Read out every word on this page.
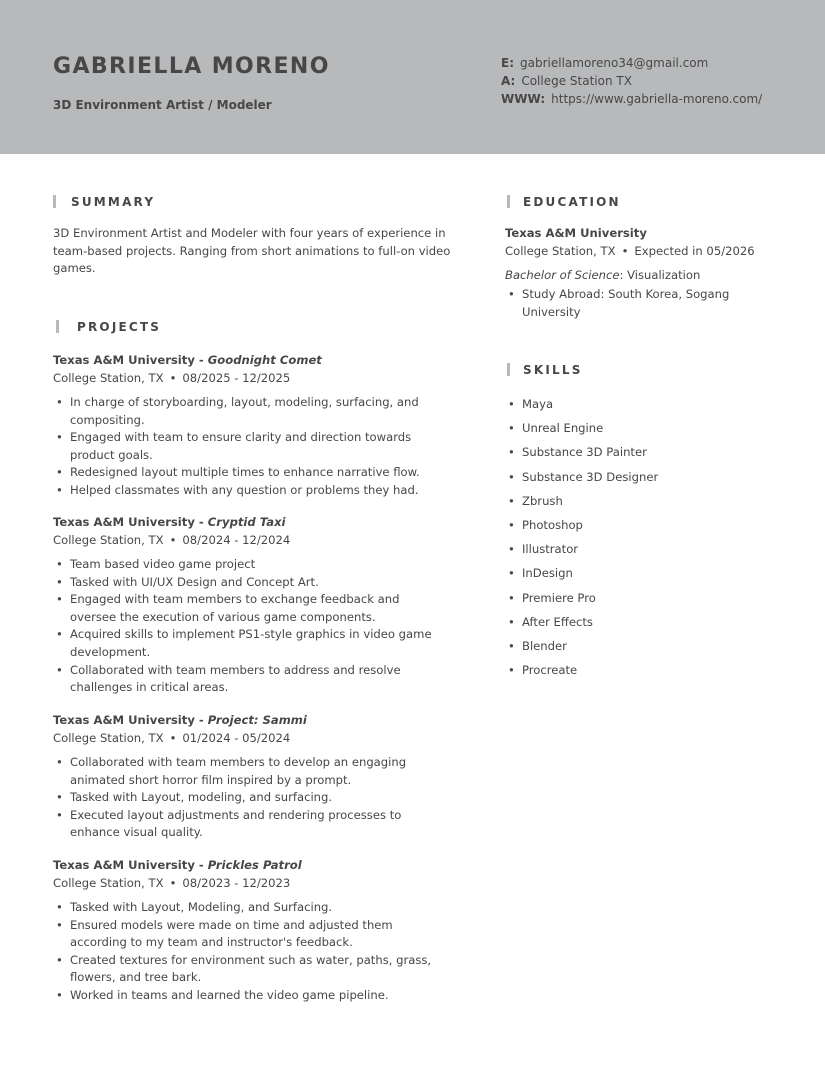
GABRIELLA MORENO
3D Environment Artist / Modeler
E: gabriellamoreno34@gmail.com
A: College Station TX
WWW: https://www.gabriella-moreno.com/
SUMMARY
3D Environment Artist and Modeler with four years of experience in team-based projects. Ranging from short animations to full-on video games.
PROJECTS
Texas A&M University - Goodnight Comet
College Station, TX • 08/2025 - 12/2025
• In charge of storyboarding, layout, modeling, surfacing, and compositing.
• Engaged with team to ensure clarity and direction towards product goals.
• Redesigned layout multiple times to enhance narrative flow.
• Helped classmates with any question or problems they had.
Texas A&M University - Cryptid Taxi
College Station, TX • 08/2024 - 12/2024
• Team based video game project
• Tasked with UI/UX Design and Concept Art.
• Engaged with team members to exchange feedback and oversee the execution of various game components.
• Acquired skills to implement PS1-style graphics in video game development.
• Collaborated with team members to address and resolve challenges in critical areas.
Texas A&M University - Project: Sammi
College Station, TX • 01/2024 - 05/2024
• Collaborated with team members to develop an engaging animated short horror film inspired by a prompt.
• Tasked with Layout, modeling, and surfacing.
• Executed layout adjustments and rendering processes to enhance visual quality.
Texas A&M University - Prickles Patrol
College Station, TX • 08/2023 - 12/2023
• Tasked with Layout, Modeling, and Surfacing.
• Ensured models were made on time and adjusted them according to my team and instructor's feedback.
• Created textures for environment such as water, paths, grass, flowers, and tree bark.
• Worked in teams and learned the video game pipeline.
EDUCATION
Texas A&M University
College Station, TX • Expected in 05/2026
Bachelor of Science: Visualization
• Study Abroad: South Korea, Sogang University
SKILLS
• Maya
• Unreal Engine
• Substance 3D Painter
• Substance 3D Designer
• Zbrush
• Photoshop
• Illustrator
• InDesign
• Premiere Pro
• After Effects
• Blender
• Procreate
